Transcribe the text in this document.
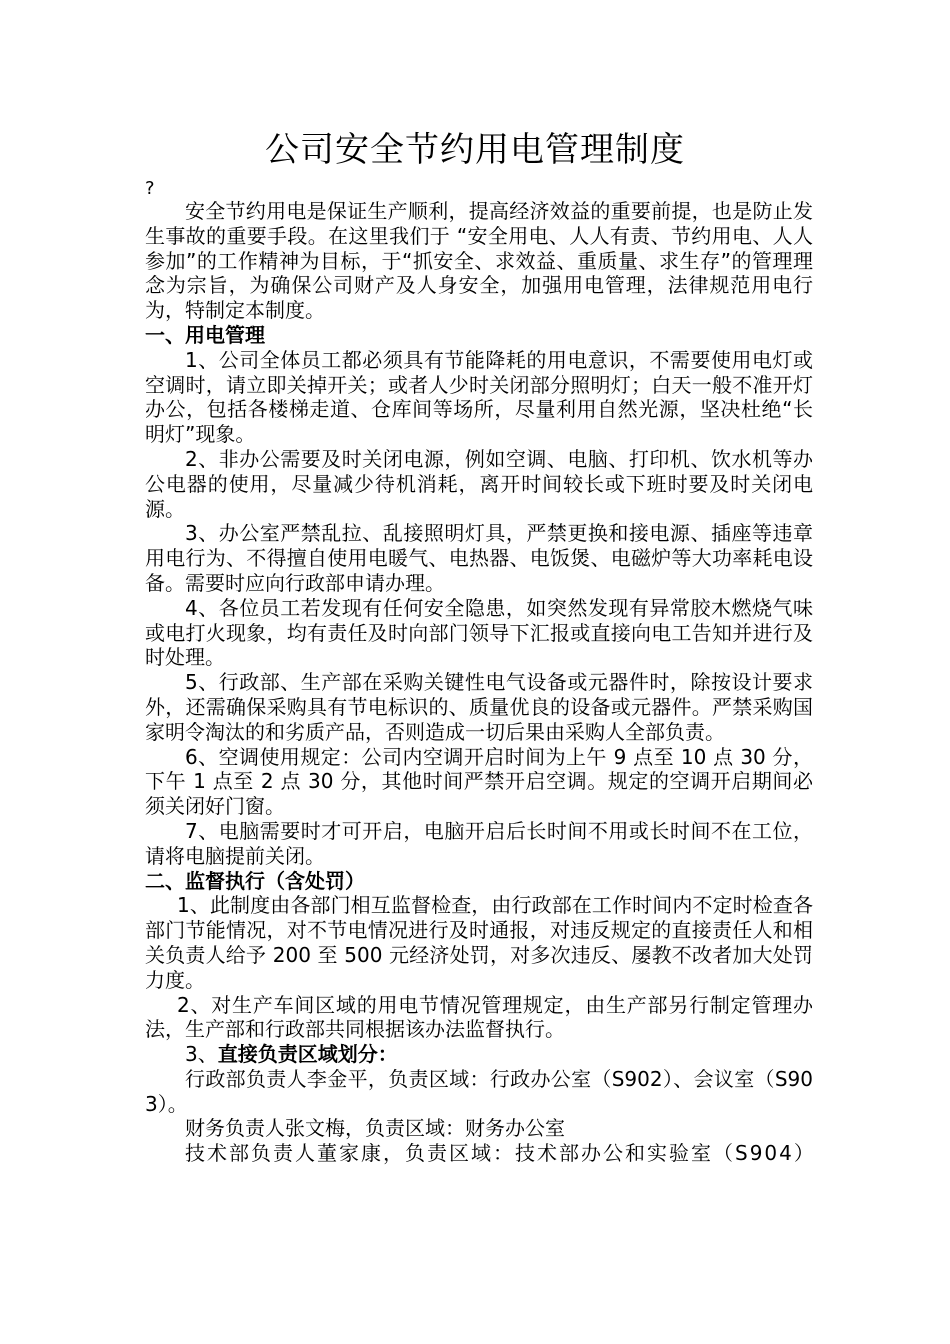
公司安全节约用电管理制度
?

安全节约用电是保证生产顺利，提高经济效益的重要前提，也是防止发生事故的重要手段。在这里我们于 “安全用电、人人有责、节约用电、人人参加”的工作精神为目标，于“抓安全、求效益、重质量、求生存”的管理理念为宗旨，为确保公司财产及人身安全，加强用电管理，法律规范用电行为，特制定本制度。

一、用电管理

1、公司全体员工都必须具有节能降耗的用电意识，不需要使用电灯或空调时，请立即关掉开关；或者人少时关闭部分照明灯；白天一般不准开灯办公，包括各楼梯走道、仓库间等场所，尽量利用自然光源，坚决杜绝“长明灯”现象。

2、非办公需要及时关闭电源，例如空调、电脑、打印机、饮水机等办公电器的使用，尽量减少待机消耗，离开时间较长或下班时要及时关闭电源。

3、办公室严禁乱拉、乱接照明灯具，严禁更换和接电源、插座等违章用电行为、不得擅自使用电暖气、电热器、电饭煲、电磁炉等大功率耗电设备。需要时应向行政部申请办理。

4、各位员工若发现有任何安全隐患，如突然发现有异常胶木燃烧气味或电打火现象，均有责任及时向部门领导下汇报或直接向电工告知并进行及时处理。

5、行政部、生产部在采购关键性电气设备或元器件时，除按设计要求外，还需确保采购具有节电标识的、质量优良的设备或元器件。严禁采购国家明令淘汰的和劣质产品，否则造成一切后果由采购人全部负责。

6、空调使用规定：公司内空调开启时间为上午 9 点至 10 点 30 分，下午 1 点至 2 点 30 分，其他时间严禁开启空调。规定的空调开启期间必须关闭好门窗。

7、电脑需要时才可开启，电脑开启后长时间不用或长时间不在工位，请将电脑提前关闭。

二、监督执行（含处罚）

1、此制度由各部门相互监督检查，由行政部在工作时间内不定时检查各部门节能情况，对不节电情况进行及时通报，对违反规定的直接责任人和相关负责人给予 200 至 500 元经济处罚，对多次违反、屡教不改者加大处罚力度。

2、对生产车间区域的用电节情况管理规定，由生产部另行制定管理办法，生产部和行政部共同根据该办法监督执行。

3、直接负责区域划分：

行政部负责人李金平，负责区域：行政办公室（S902）、会议室（S903）。

财务负责人张文梅，负责区域：财务办公室

技术部负责人董家康，负责区域：技术部办公和实验室（S904）
